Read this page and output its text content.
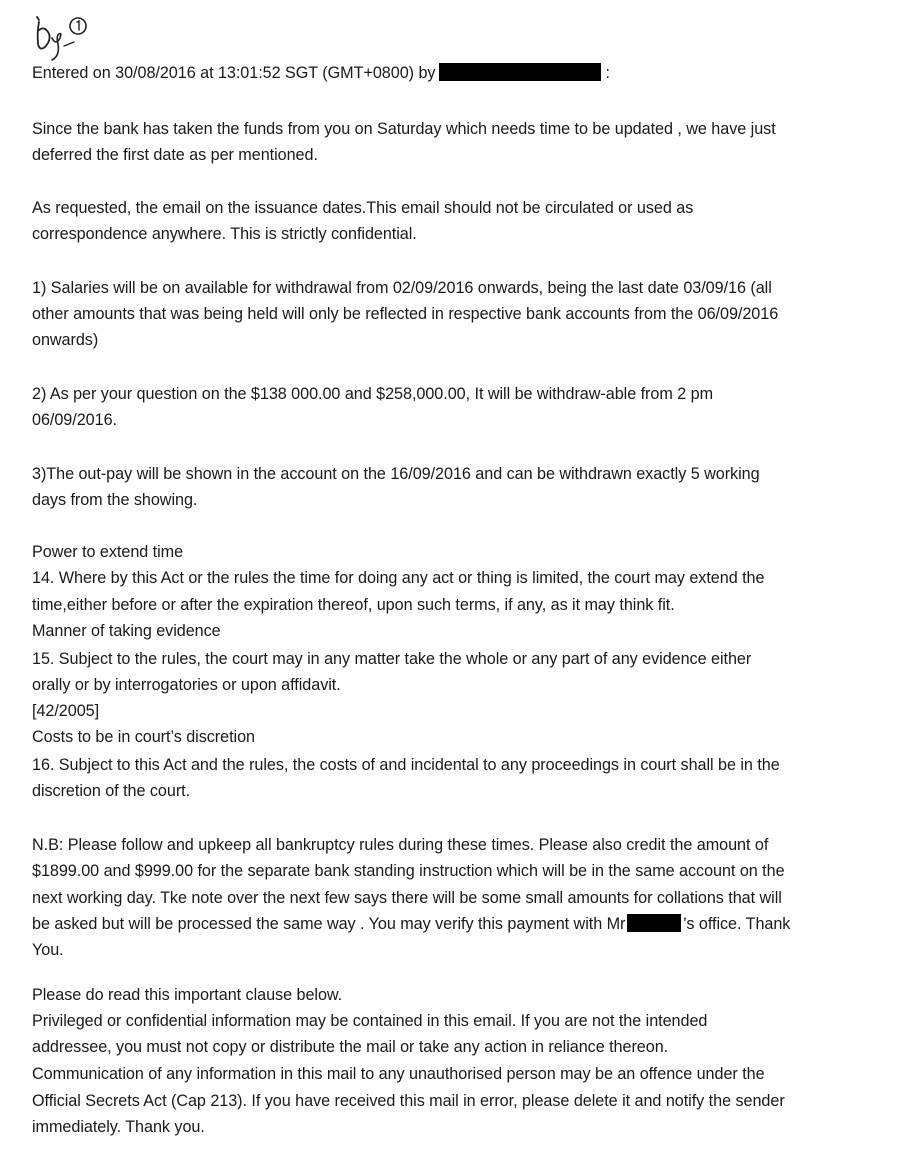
Entered on 30/08/2016 at 13:01:52 SGT (GMT+0800) by	:
Since the bank has taken the funds from you on Saturday which needs time to be updated , we have just
deferred the first date as per mentioned.
As requested, the email on the issuance dates.This email should not be circulated or used as
correspondence anywhere. This is strictly confidential.
1) Salaries will be on available for withdrawal from 02/09/2016 onwards, being the last date 03/09/16 (all
other amounts that was being held will only be reflected in respective bank accounts from the 06/09/2016
onwards)
2) As per your question on the $138 000.00 and $258,000.00, It will be withdraw-able from 2 pm
06/09/2016.
3)The out-pay will be shown in the account on the 16/09/2016 and can be withdrawn exactly 5 working
days from the showing.
Power to extend time
14. Where by this Act or the rules the time for doing any act or thing is limited, the court may extend the
time,either before or after the expiration thereof, upon such terms, if any, as it may think fit.
Manner of taking evidence
15. Subject to the rules, the court may in any matter take the whole or any part of any evidence either
orally or by interrogatories or upon affidavit.
[42/2005]
Costs to be in court’s discretion
16. Subject to this Act and the rules, the costs of and incidental to any proceedings in court shall be in the
discretion of the court.
N.B: Please follow and upkeep all bankruptcy rules during these times. Please also credit the amount of
$1899.00 and $999.00 for the separate bank standing instruction which will be in the same account on the
next working day. Tke note over the next few says there will be some small amounts for collations that will
be asked but will be processed the same way . You may verify this payment with Mr	's office. Thank
You.
Please do read this important clause below.
Privileged or confidential information may be contained in this email. If you are not the intended
addressee, you must not copy or distribute the mail or take any action in reliance thereon.
Communication of any information in this mail to any unauthorised person may be an offence under the
Official Secrets Act (Cap 213). If you have received this mail in error, please delete it and notify the sender
immediately. Thank you.
